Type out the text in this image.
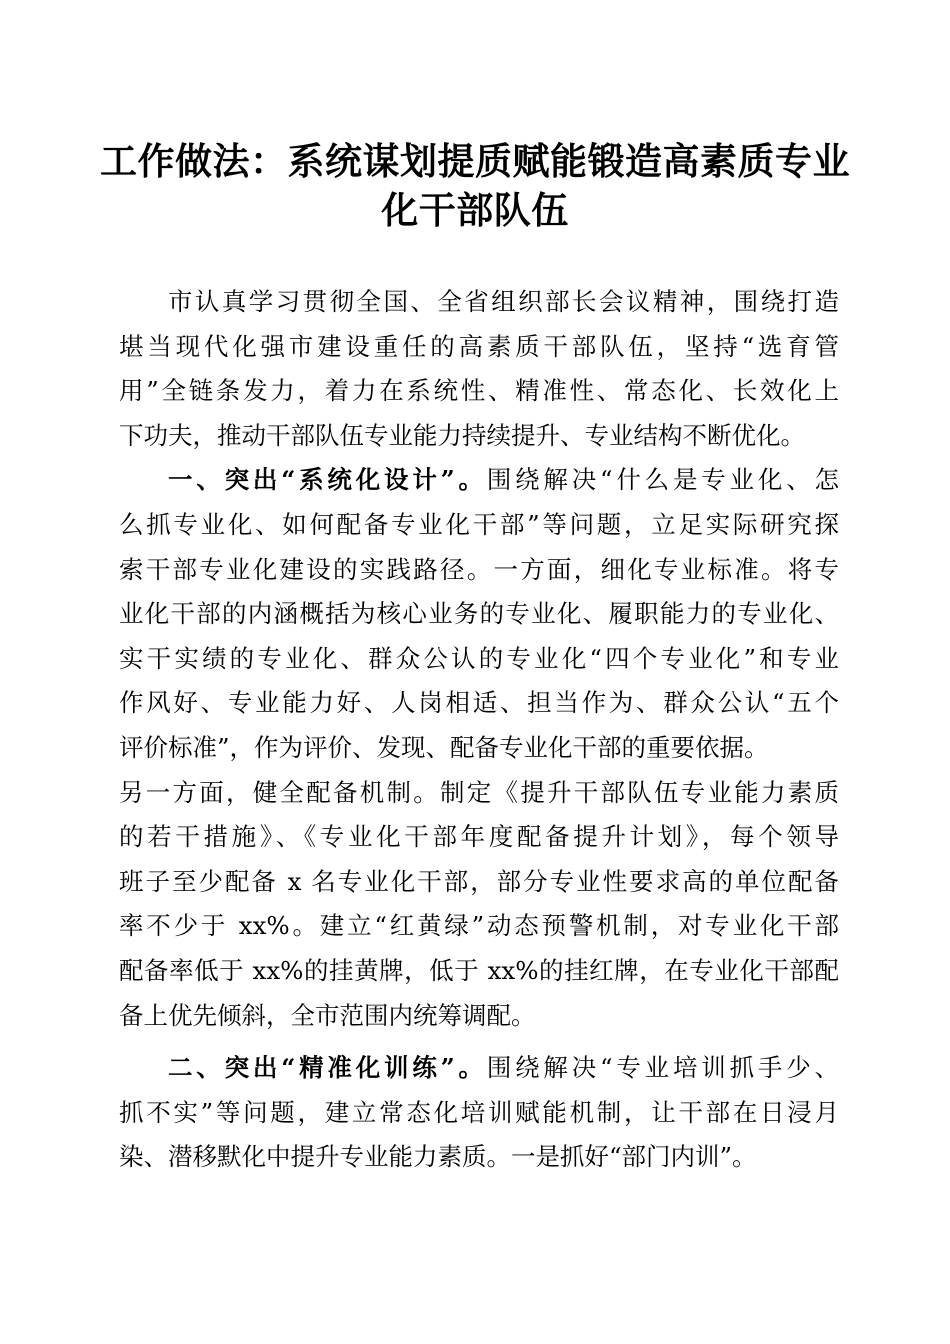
工作做法：系统谋划提质赋能锻造高素质专业
化干部队伍
市认真学习贯彻全国、全省组织部长会议精神，围绕打造
堪当现代化强市建设重任的高素质干部队伍，坚持“选育管
用”全链条发力，着力在系统性、精准性、常态化、长效化上
下功夫，推动干部队伍专业能力持续提升、专业结构不断优化。
一、突出“系统化设计”。围绕解决“什么是专业化、怎
么抓专业化、如何配备专业化干部”等问题，立足实际研究探
索干部专业化建设的实践路径。一方面，细化专业标准。将专
业化干部的内涵概括为核心业务的专业化、履职能力的专业化、
实干实绩的专业化、群众公认的专业化“四个专业化”和专业
作风好、专业能力好、人岗相适、担当作为、群众公认“五个
评价标准”，作为评价、发现、配备专业化干部的重要依据。
另一方面，健全配备机制。制定《提升干部队伍专业能力素质
的若干措施》、《专业化干部年度配备提升计划》，每个领导
班子至少配备 x 名专业化干部，部分专业性要求高的单位配备
率不少于 xx%。建立“红黄绿”动态预警机制，对专业化干部
配备率低于 xx%的挂黄牌，低于 xx%的挂红牌，在专业化干部配
备上优先倾斜，全市范围内统筹调配。
二、突出“精准化训练”。围绕解决“专业培训抓手少、
抓不实”等问题，建立常态化培训赋能机制，让干部在日浸月
染、潜移默化中提升专业能力素质。一是抓好“部门内训”。
